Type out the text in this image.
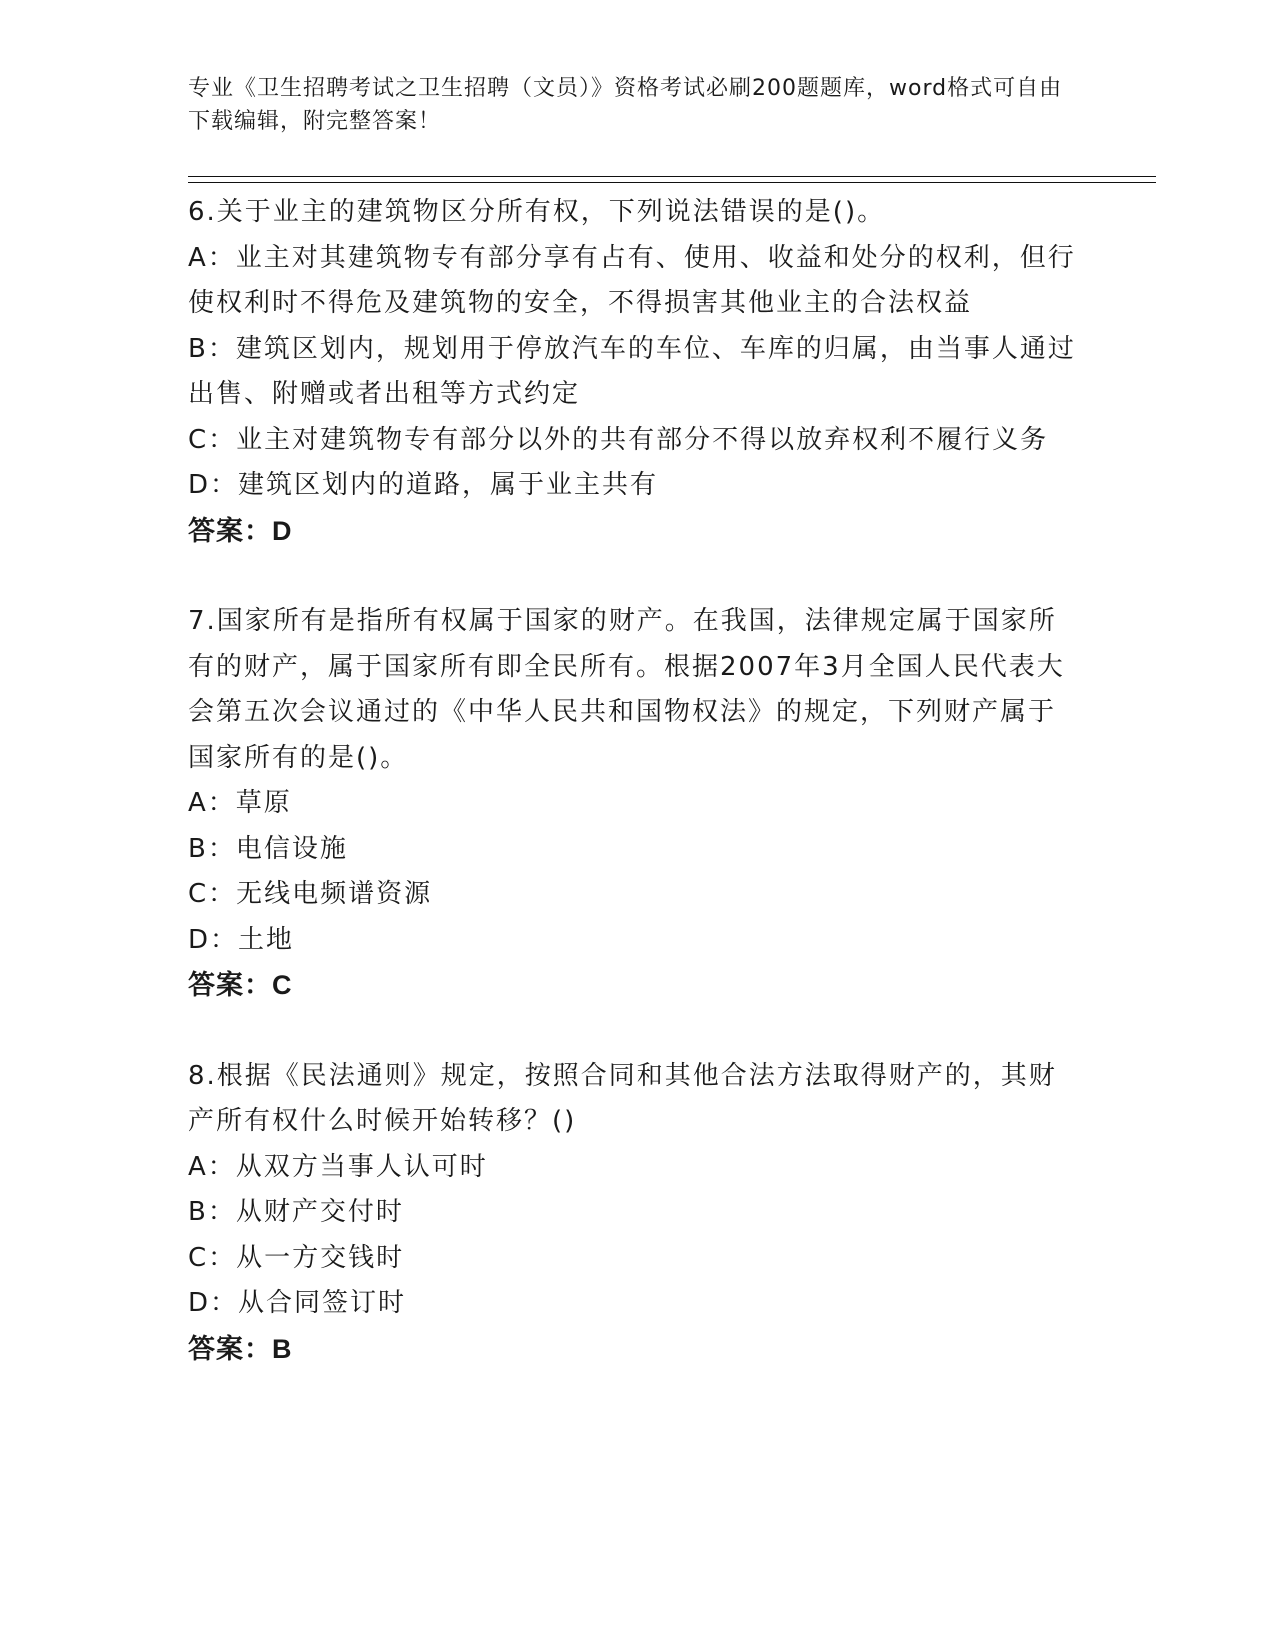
专业《卫生招聘考试之卫生招聘（文员）》资格考试必刷200题题库，word格式可自由下载编辑，附完整答案！
6.关于业主的建筑物区分所有权，下列说法错误的是()。
A：业主对其建筑物专有部分享有占有、使用、收益和处分的权利，但行使权利时不得危及建筑物的安全，不得损害其他业主的合法权益
B：建筑区划内，规划用于停放汽车的车位、车库的归属，由当事人通过出售、附赠或者出租等方式约定
C：业主对建筑物专有部分以外的共有部分不得以放弃权利不履行义务
D：建筑区划内的道路，属于业主共有
答案：D
7.国家所有是指所有权属于国家的财产。在我国，法律规定属于国家所有的财产，属于国家所有即全民所有。根据2007年3月全国人民代表大会第五次会议通过的《中华人民共和国物权法》的规定，下列财产属于国家所有的是()。
A：草原
B：电信设施
C：无线电频谱资源
D：土地
答案：C
8.根据《民法通则》规定，按照合同和其他合法方法取得财产的，其财产所有权什么时候开始转移？()
A：从双方当事人认可时
B：从财产交付时
C：从一方交钱时
D：从合同签订时
答案：B
